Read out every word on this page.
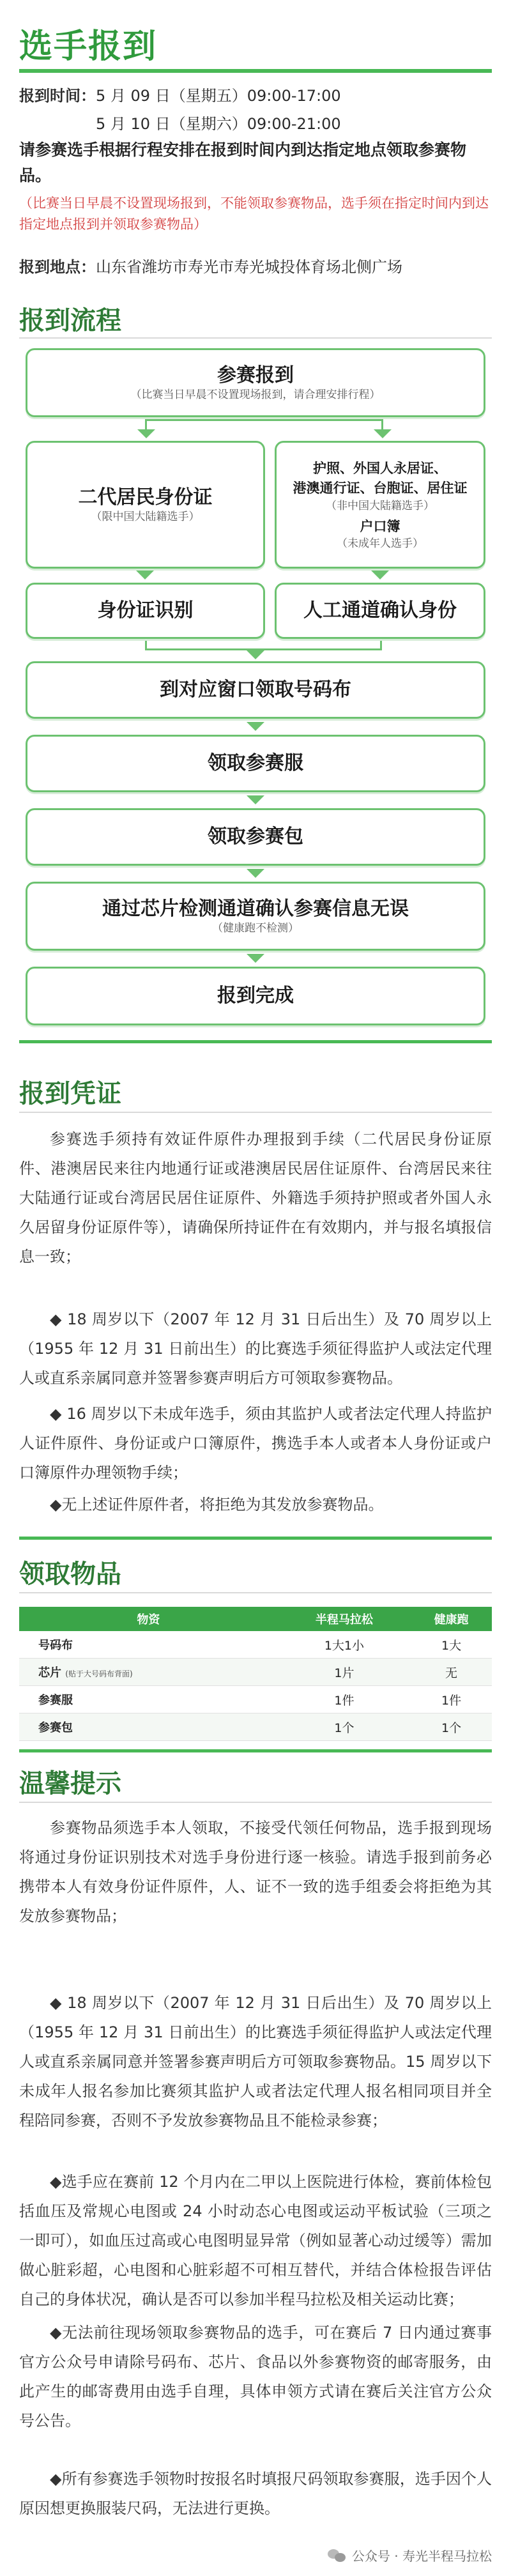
选手报到
报到时间：5 月 09 日（星期五）09:00-17:00
5 月 10 日（星期六）09:00-21:00
请参赛选手根据行程安排在报到时间内到达指定地点领取参赛物品。
（比赛当日早晨不设置现场报到，不能领取参赛物品，选手须在指定时间内到达指定地点报到并领取参赛物品）
报到地点：山东省潍坊市寿光市寿光城投体育场北侧广场
报到流程
参赛报到
（比赛当日早晨不设置现场报到，请合理安排行程）
二代居民身份证
（限中国大陆籍选手）
护照、外国人永居证、
港澳通行证、台胞证、居住证
（非中国大陆籍选手）
户口簿
（未成年人选手）
身份证识别	人工通道确认身份
到对应窗口领取号码布
领取参赛服
领取参赛包
通过芯片检测通道确认参赛信息无误
（健康跑不检测）
报到完成
报到凭证
参赛选手须持有效证件原件办理报到手续（二代居民身份证原件、港澳居民来往内地通行证或港澳居民居住证原件、台湾居民来往大陆通行证或台湾居民居住证原件、外籍选手须持护照或者外国人永久居留身份证原件等），请确保所持证件在有效期内，并与报名填报信息一致；
◆ 18 周岁以下（2007 年 12 月 31 日后出生）及 70 周岁以上（1955 年 12 月 31 日前出生）的比赛选手须征得监护人或法定代理人或直系亲属同意并签署参赛声明后方可领取参赛物品。
◆ 16 周岁以下未成年选手，须由其监护人或者法定代理人持监护人证件原件、身份证或户口簿原件，携选手本人或者本人身份证或户口簿原件办理领物手续；
◆无上述证件原件者，将拒绝为其发放参赛物品。
领取物品
物资	半程马拉松	健康跑
号码布	1大1小	1大
芯片 (贴于大号码布背面)	1片	无
参赛服	1件	1件
参赛包	1个	1个
温馨提示
参赛物品须选手本人领取，不接受代领任何物品，选手报到现场将通过身份证识别技术对选手身份进行逐一核验。请选手报到前务必携带本人有效身份证件原件，人、证不一致的选手组委会将拒绝为其发放参赛物品；
◆ 18 周岁以下（2007 年 12 月 31 日后出生）及 70 周岁以上（1955 年 12 月 31 日前出生）的比赛选手须征得监护人或法定代理人或直系亲属同意并签署参赛声明后方可领取参赛物品。15 周岁以下未成年人报名参加比赛须其监护人或者法定代理人报名相同项目并全程陪同参赛，否则不予发放参赛物品且不能检录参赛；
◆选手应在赛前 12 个月内在二甲以上医院进行体检，赛前体检包括血压及常规心电图或 24 小时动态心电图或运动平板试验（三项之一即可），如血压过高或心电图明显异常（例如显著心动过缓等）需加做心脏彩超，心电图和心脏彩超不可相互替代，并结合体检报告评估自己的身体状况，确认是否可以参加半程马拉松及相关运动比赛；
◆无法前往现场领取参赛物品的选手，可在赛后 7 日内通过赛事官方公众号申请除号码布、芯片、食品以外参赛物资的邮寄服务，由此产生的邮寄费用由选手自理，具体申领方式请在赛后关注官方公众号公告。
◆所有参赛选手领物时按报名时填报尺码领取参赛服，选手因个人原因想更换服装尺码，无法进行更换。
公众号 · 寿光半程马拉松
